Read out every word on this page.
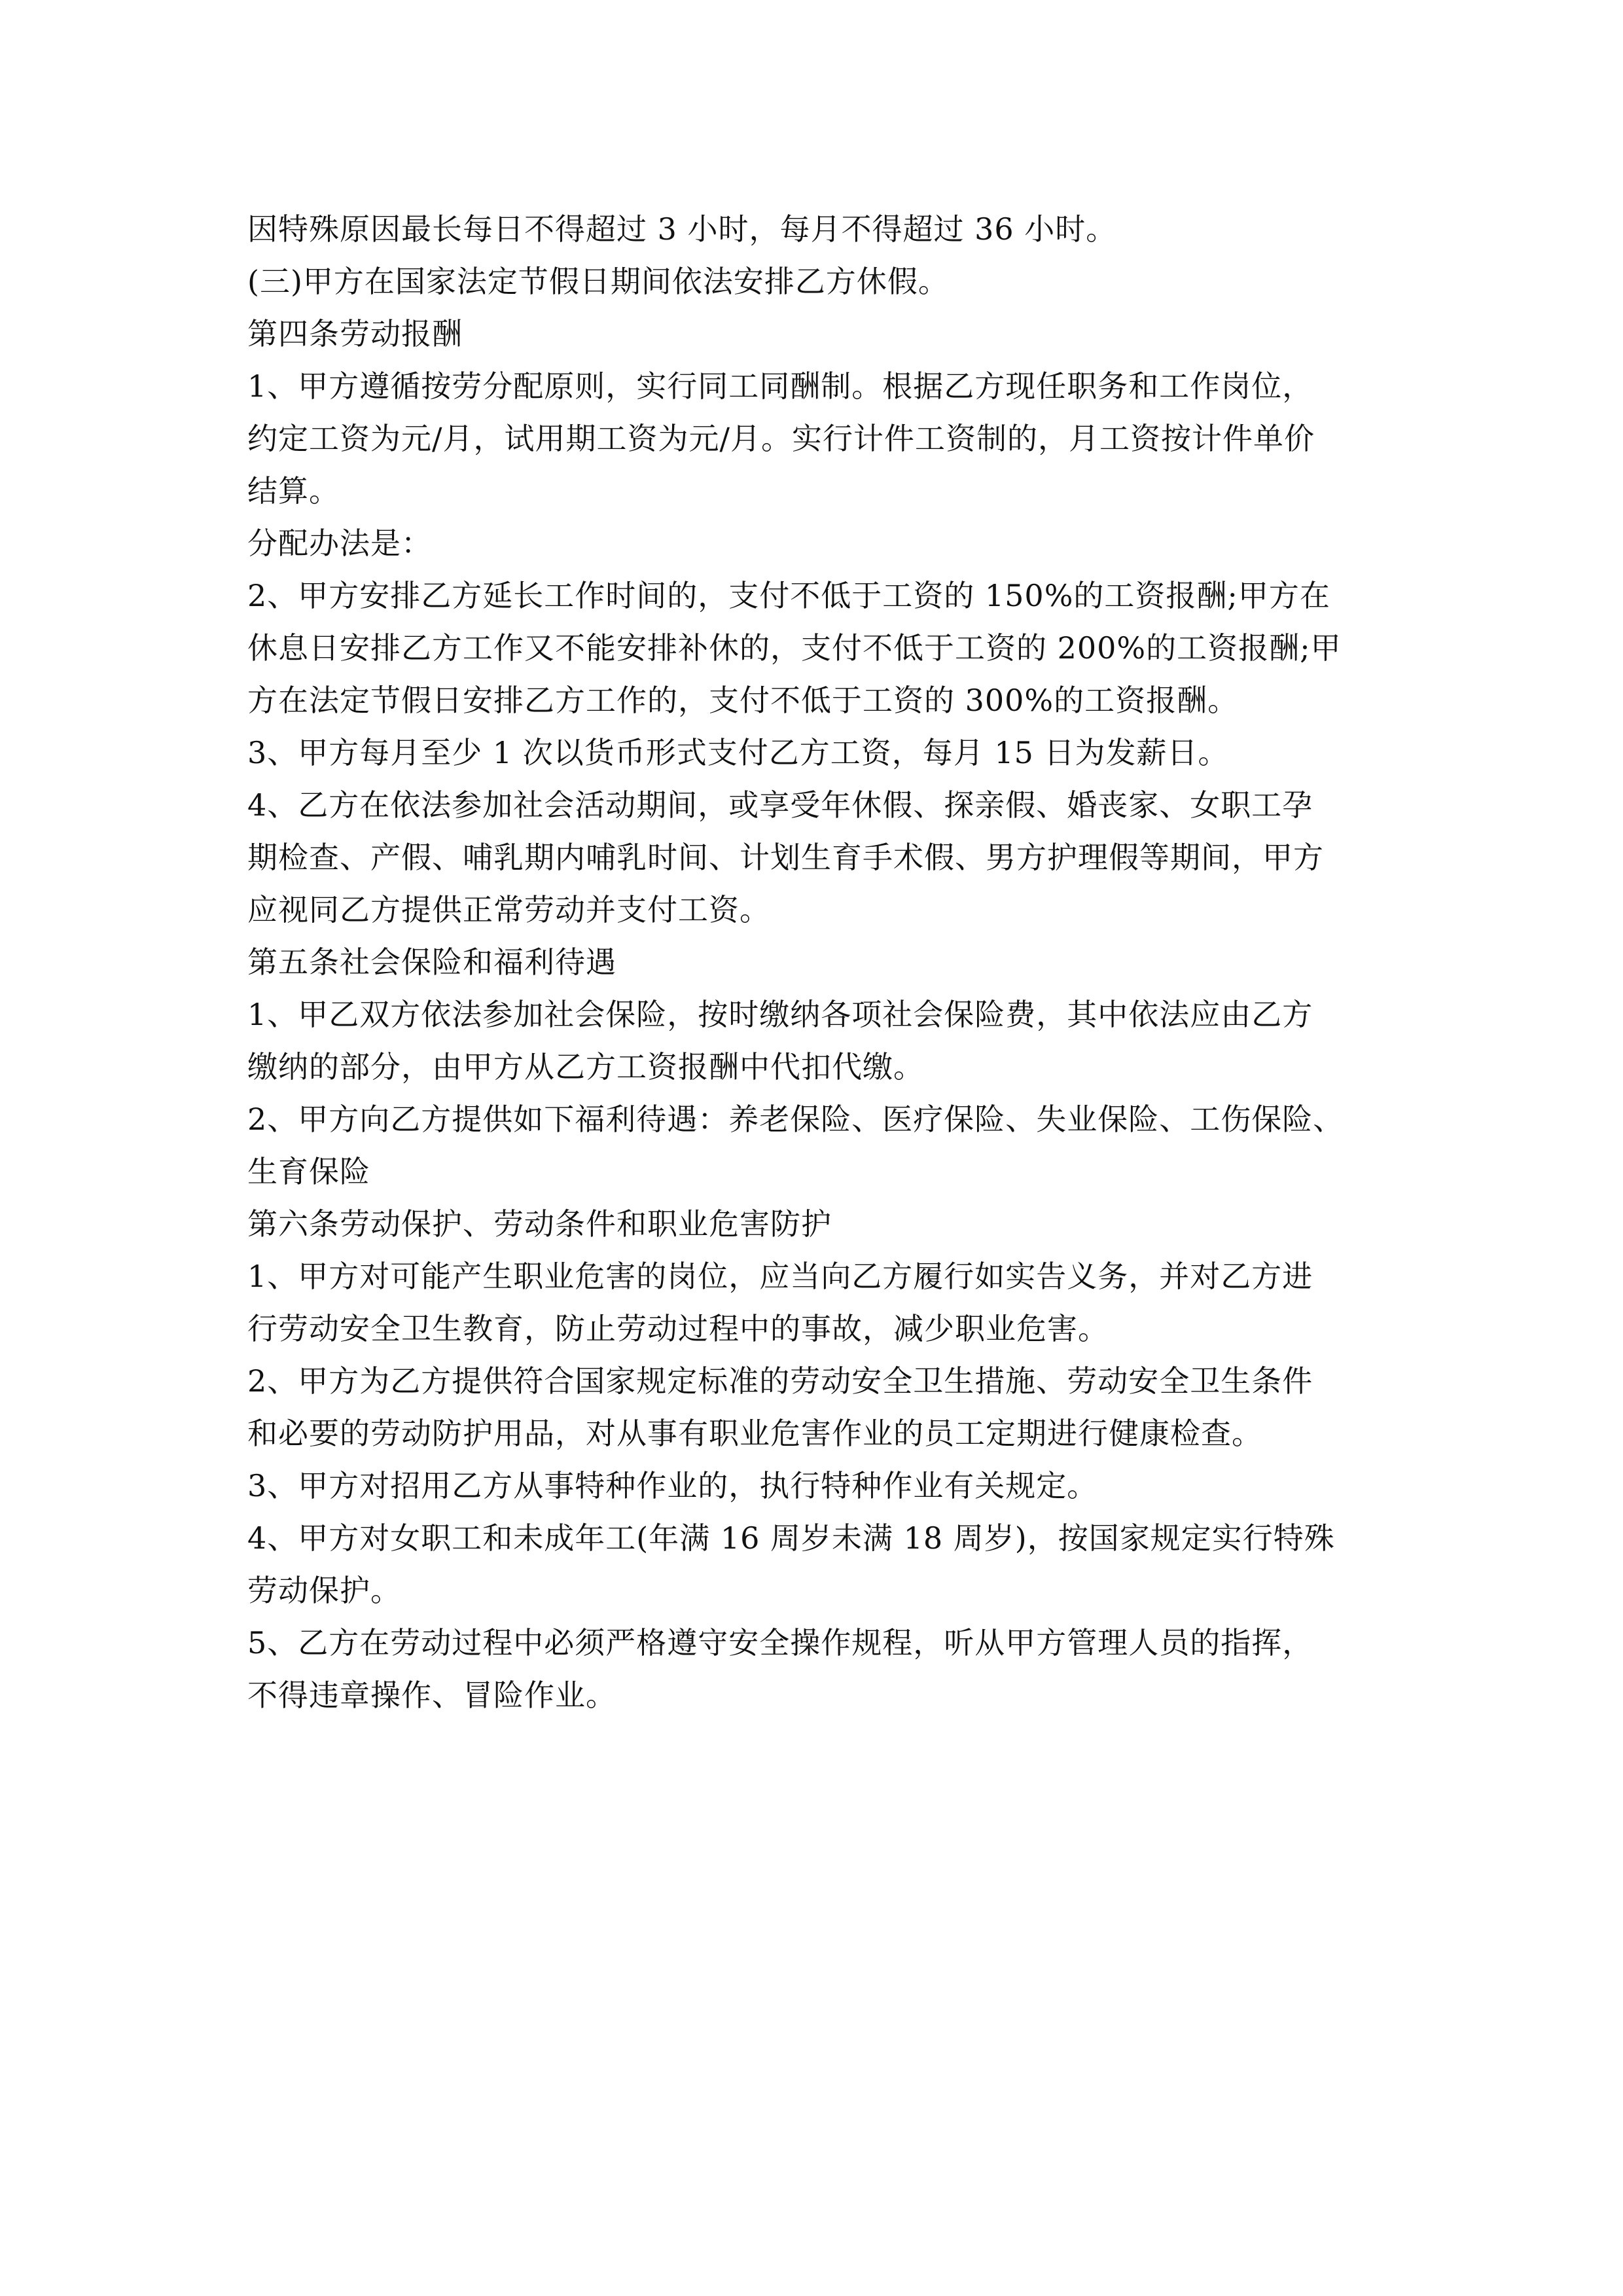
因特殊原因最长每日不得超过 3 小时，每月不得超过 36 小时。
(三)甲方在国家法定节假日期间依法安排乙方休假。
第四条劳动报酬
1、甲方遵循按劳分配原则，实行同工同酬制。根据乙方现任职务和工作岗位，
约定工资为元/月，试用期工资为元/月。实行计件工资制的，月工资按计件单价
结算。
分配办法是：
2、甲方安排乙方延长工作时间的，支付不低于工资的 150%的工资报酬;甲方在
休息日安排乙方工作又不能安排补休的，支付不低于工资的 200%的工资报酬;甲
方在法定节假日安排乙方工作的，支付不低于工资的 300%的工资报酬。
3、甲方每月至少 1 次以货币形式支付乙方工资，每月 15 日为发薪日。
4、乙方在依法参加社会活动期间，或享受年休假、探亲假、婚丧家、女职工孕
期检查、产假、哺乳期内哺乳时间、计划生育手术假、男方护理假等期间，甲方
应视同乙方提供正常劳动并支付工资。
第五条社会保险和福利待遇
1、甲乙双方依法参加社会保险，按时缴纳各项社会保险费，其中依法应由乙方
缴纳的部分，由甲方从乙方工资报酬中代扣代缴。
2、甲方向乙方提供如下福利待遇：养老保险、医疗保险、失业保险、工伤保险、
生育保险
第六条劳动保护、劳动条件和职业危害防护
1、甲方对可能产生职业危害的岗位，应当向乙方履行如实告义务，并对乙方进
行劳动安全卫生教育，防止劳动过程中的事故，减少职业危害。
2、甲方为乙方提供符合国家规定标准的劳动安全卫生措施、劳动安全卫生条件
和必要的劳动防护用品，对从事有职业危害作业的员工定期进行健康检查。
3、甲方对招用乙方从事特种作业的，执行特种作业有关规定。
4、甲方对女职工和未成年工(年满 16 周岁未满 18 周岁)，按国家规定实行特殊
劳动保护。
5、乙方在劳动过程中必须严格遵守安全操作规程，听从甲方管理人员的指挥，
不得违章操作、冒险作业。
